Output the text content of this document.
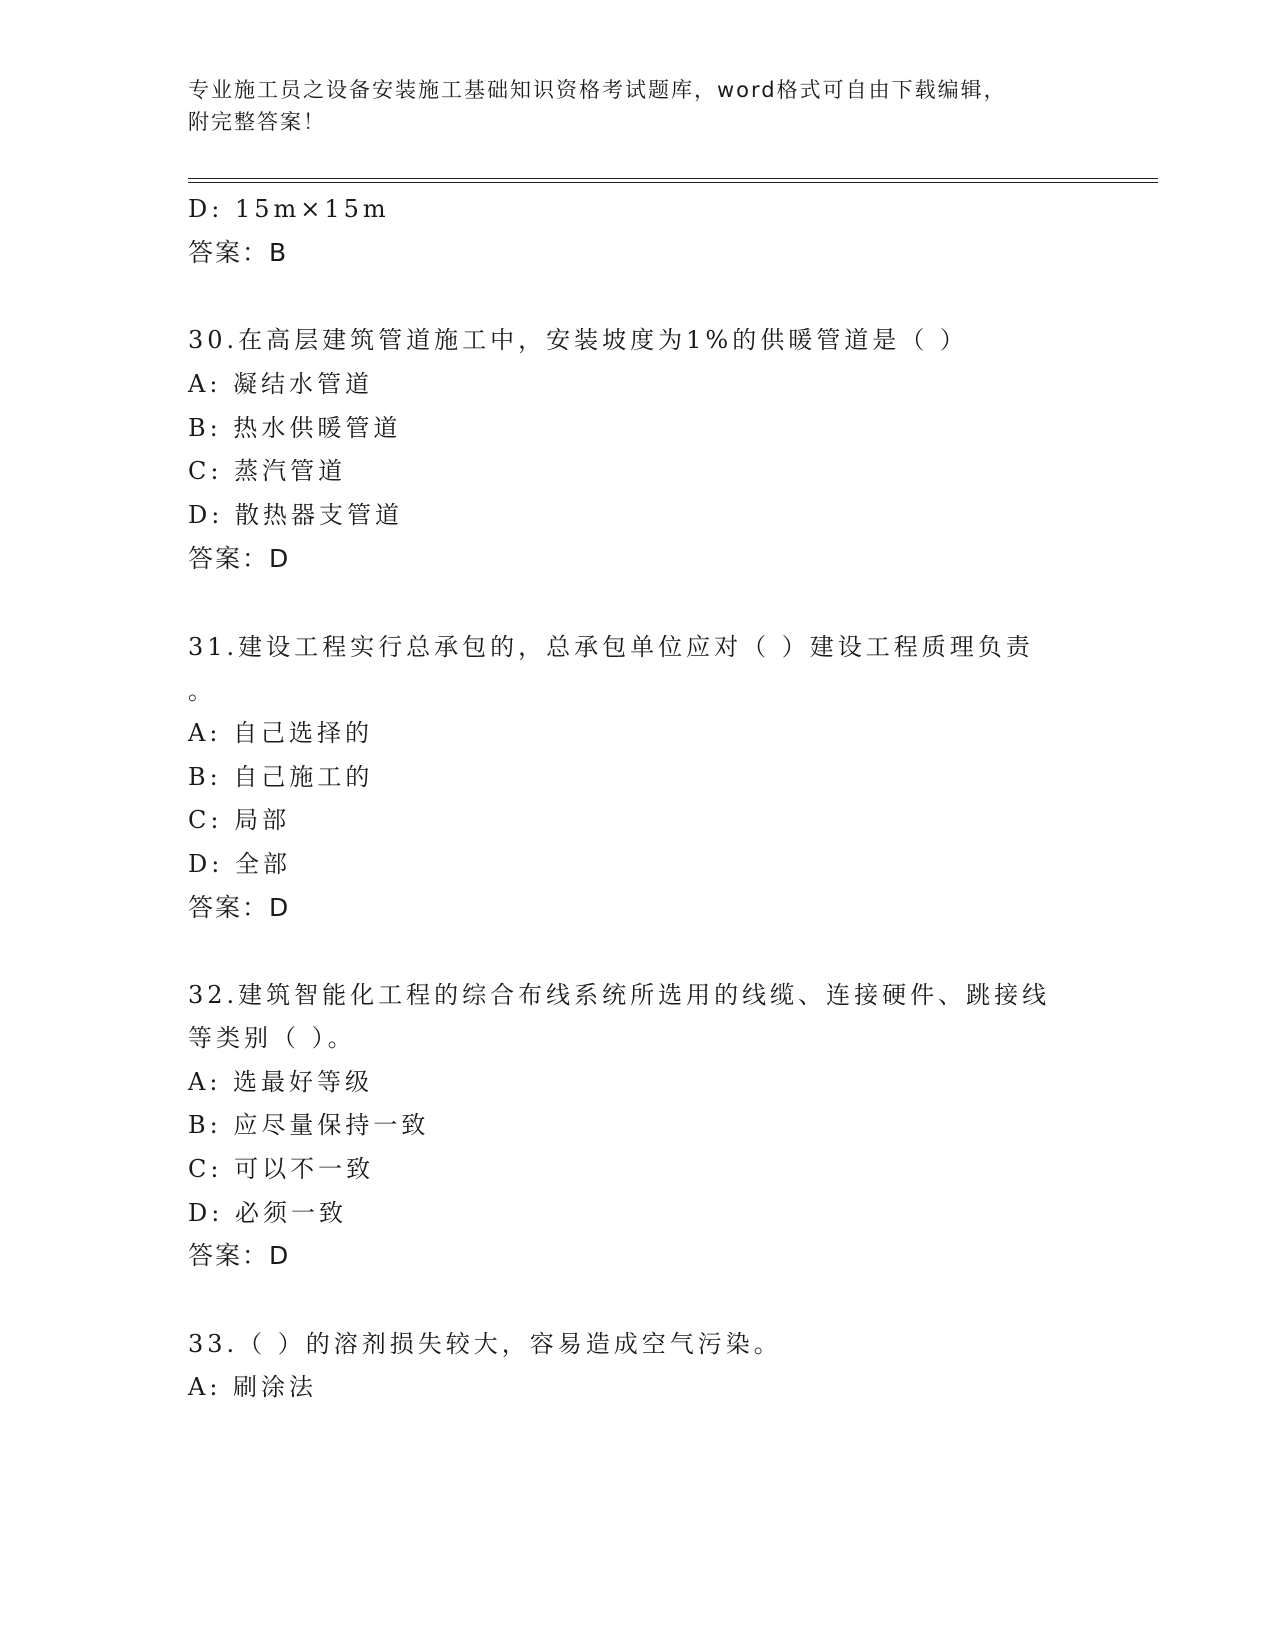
专业施工员之设备安装施工基础知识资格考试题库，word格式可自由下载编辑，
附完整答案！
D: 15m×15m
答案：B
30.在高层建筑管道施工中，安装坡度为1%的供暖管道是（ ）
A: 凝结水管道
B: 热水供暖管道
C: 蒸汽管道
D: 散热器支管道
答案：D
31.建设工程实行总承包的，总承包单位应对（ ）建设工程质理负责
。
A: 自己选择的
B: 自己施工的
C: 局部
D: 全部
答案：D
32.建筑智能化工程的综合布线系统所选用的线缆、连接硬件、跳接线
等类别（ ）。
A: 选最好等级
B: 应尽量保持一致
C: 可以不一致
D: 必须一致
答案：D
33.（ ）的溶剂损失较大，容易造成空气污染。
A: 刷涂法
